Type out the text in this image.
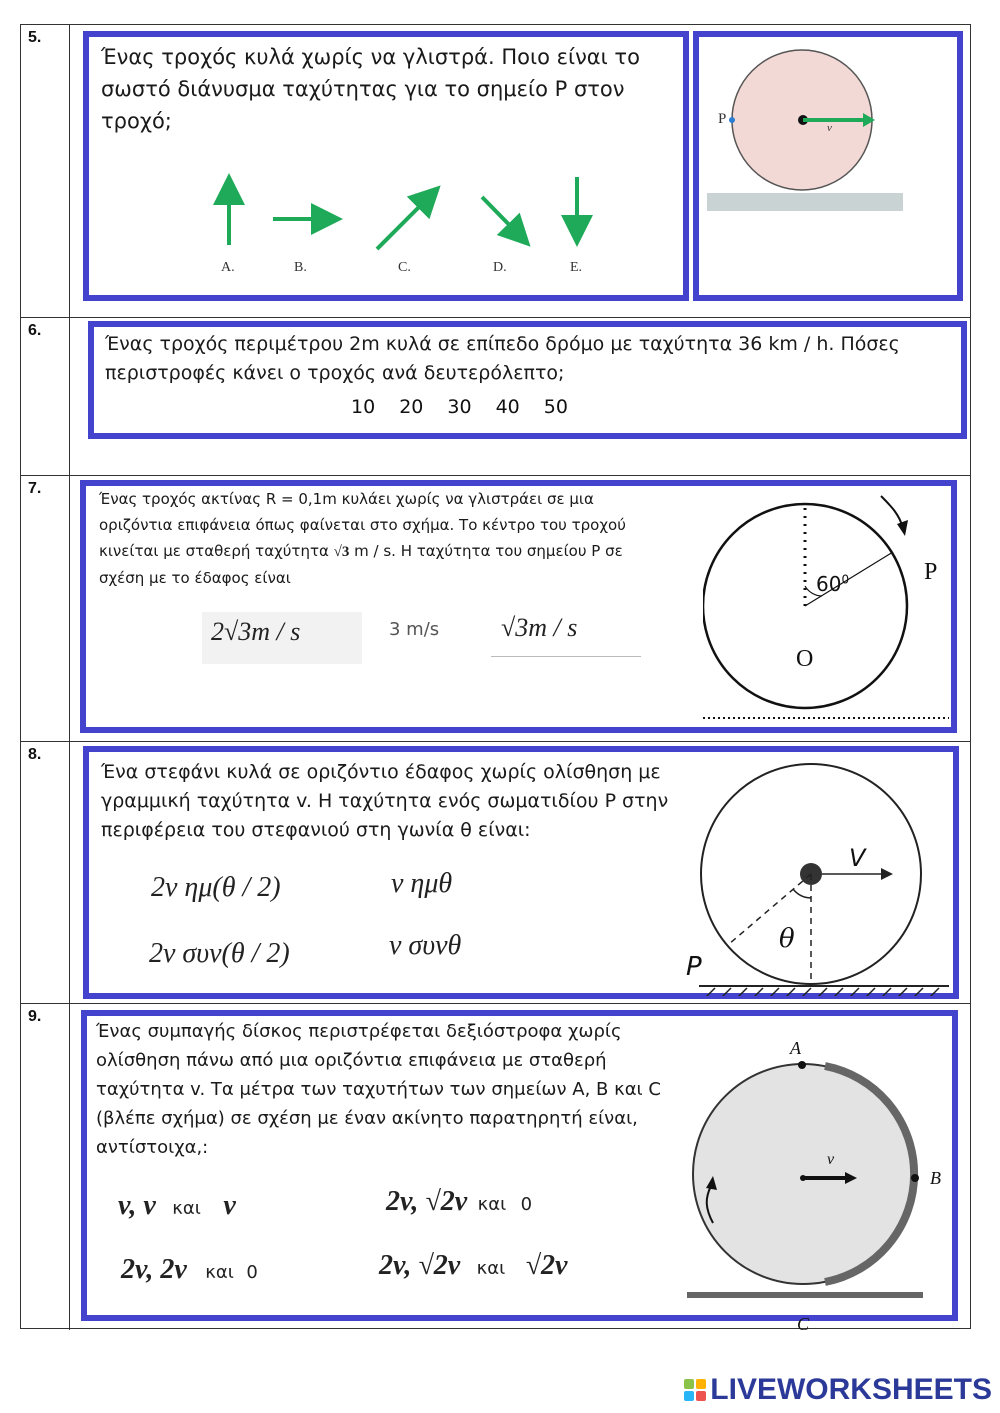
5.
Ένας τροχός κυλά χωρίς να γλιστρά. Ποιο είναι το σωστό διάνυσμα ταχύτητας για το σημείο P στον τροχό;
A.	B.	C.	D.	E.
P
v
6.
Ένας τροχός περιμέτρου 2m κυλά σε επίπεδο δρόμο με ταχύτητα 36 km / h. Πόσες περιστροφές κάνει ο τροχός ανά δευτερόλεπτο;
10 20 30 40 50
7.
Ένας τροχός ακτίνας R = 0,1m κυλάει χωρίς να γλιστράει σε μια
οριζόντια επιφάνεια όπως φαίνεται στο σχήμα. Το κέντρο του τροχού
κινείται με σταθερή ταχύτητα √3 m / s. Η ταχύτητα του σημείου P σε
σχέση με το έδαφος είναι
2√3m / s	3 m/s √3m / s
$60^0$
O
P
8.
Ένα στεφάνι κυλά σε οριζόντιο έδαφος χωρίς ολίσθηση με γραμμική ταχύτητα v. Η ταχύτητα ενός σωματιδίου P στην περιφέρεια του στεφανιού στη γωνία θ είναι:
2v ημ(θ / 2)	v ημθ
2v συν(θ / 2)	v συνθ
V
θ
P
9.
Ένας συμπαγής δίσκος περιστρέφεται δεξιόστροφα χωρίς ολίσθηση πάνω από μια οριζόντια επιφάνεια με σταθερή ταχύτητα v. Τα μέτρα των ταχυτήτων των σημείων A, B και C (βλέπε σχήμα) σε σχέση με έναν ακίνητο παρατηρητή είναι, αντίστοιχα,:
v, v και v	2v, √2v και 0
2v, 2v και 0	2v, √2v και √2v
A
B
C
v
LIVEWORKSHEETS
